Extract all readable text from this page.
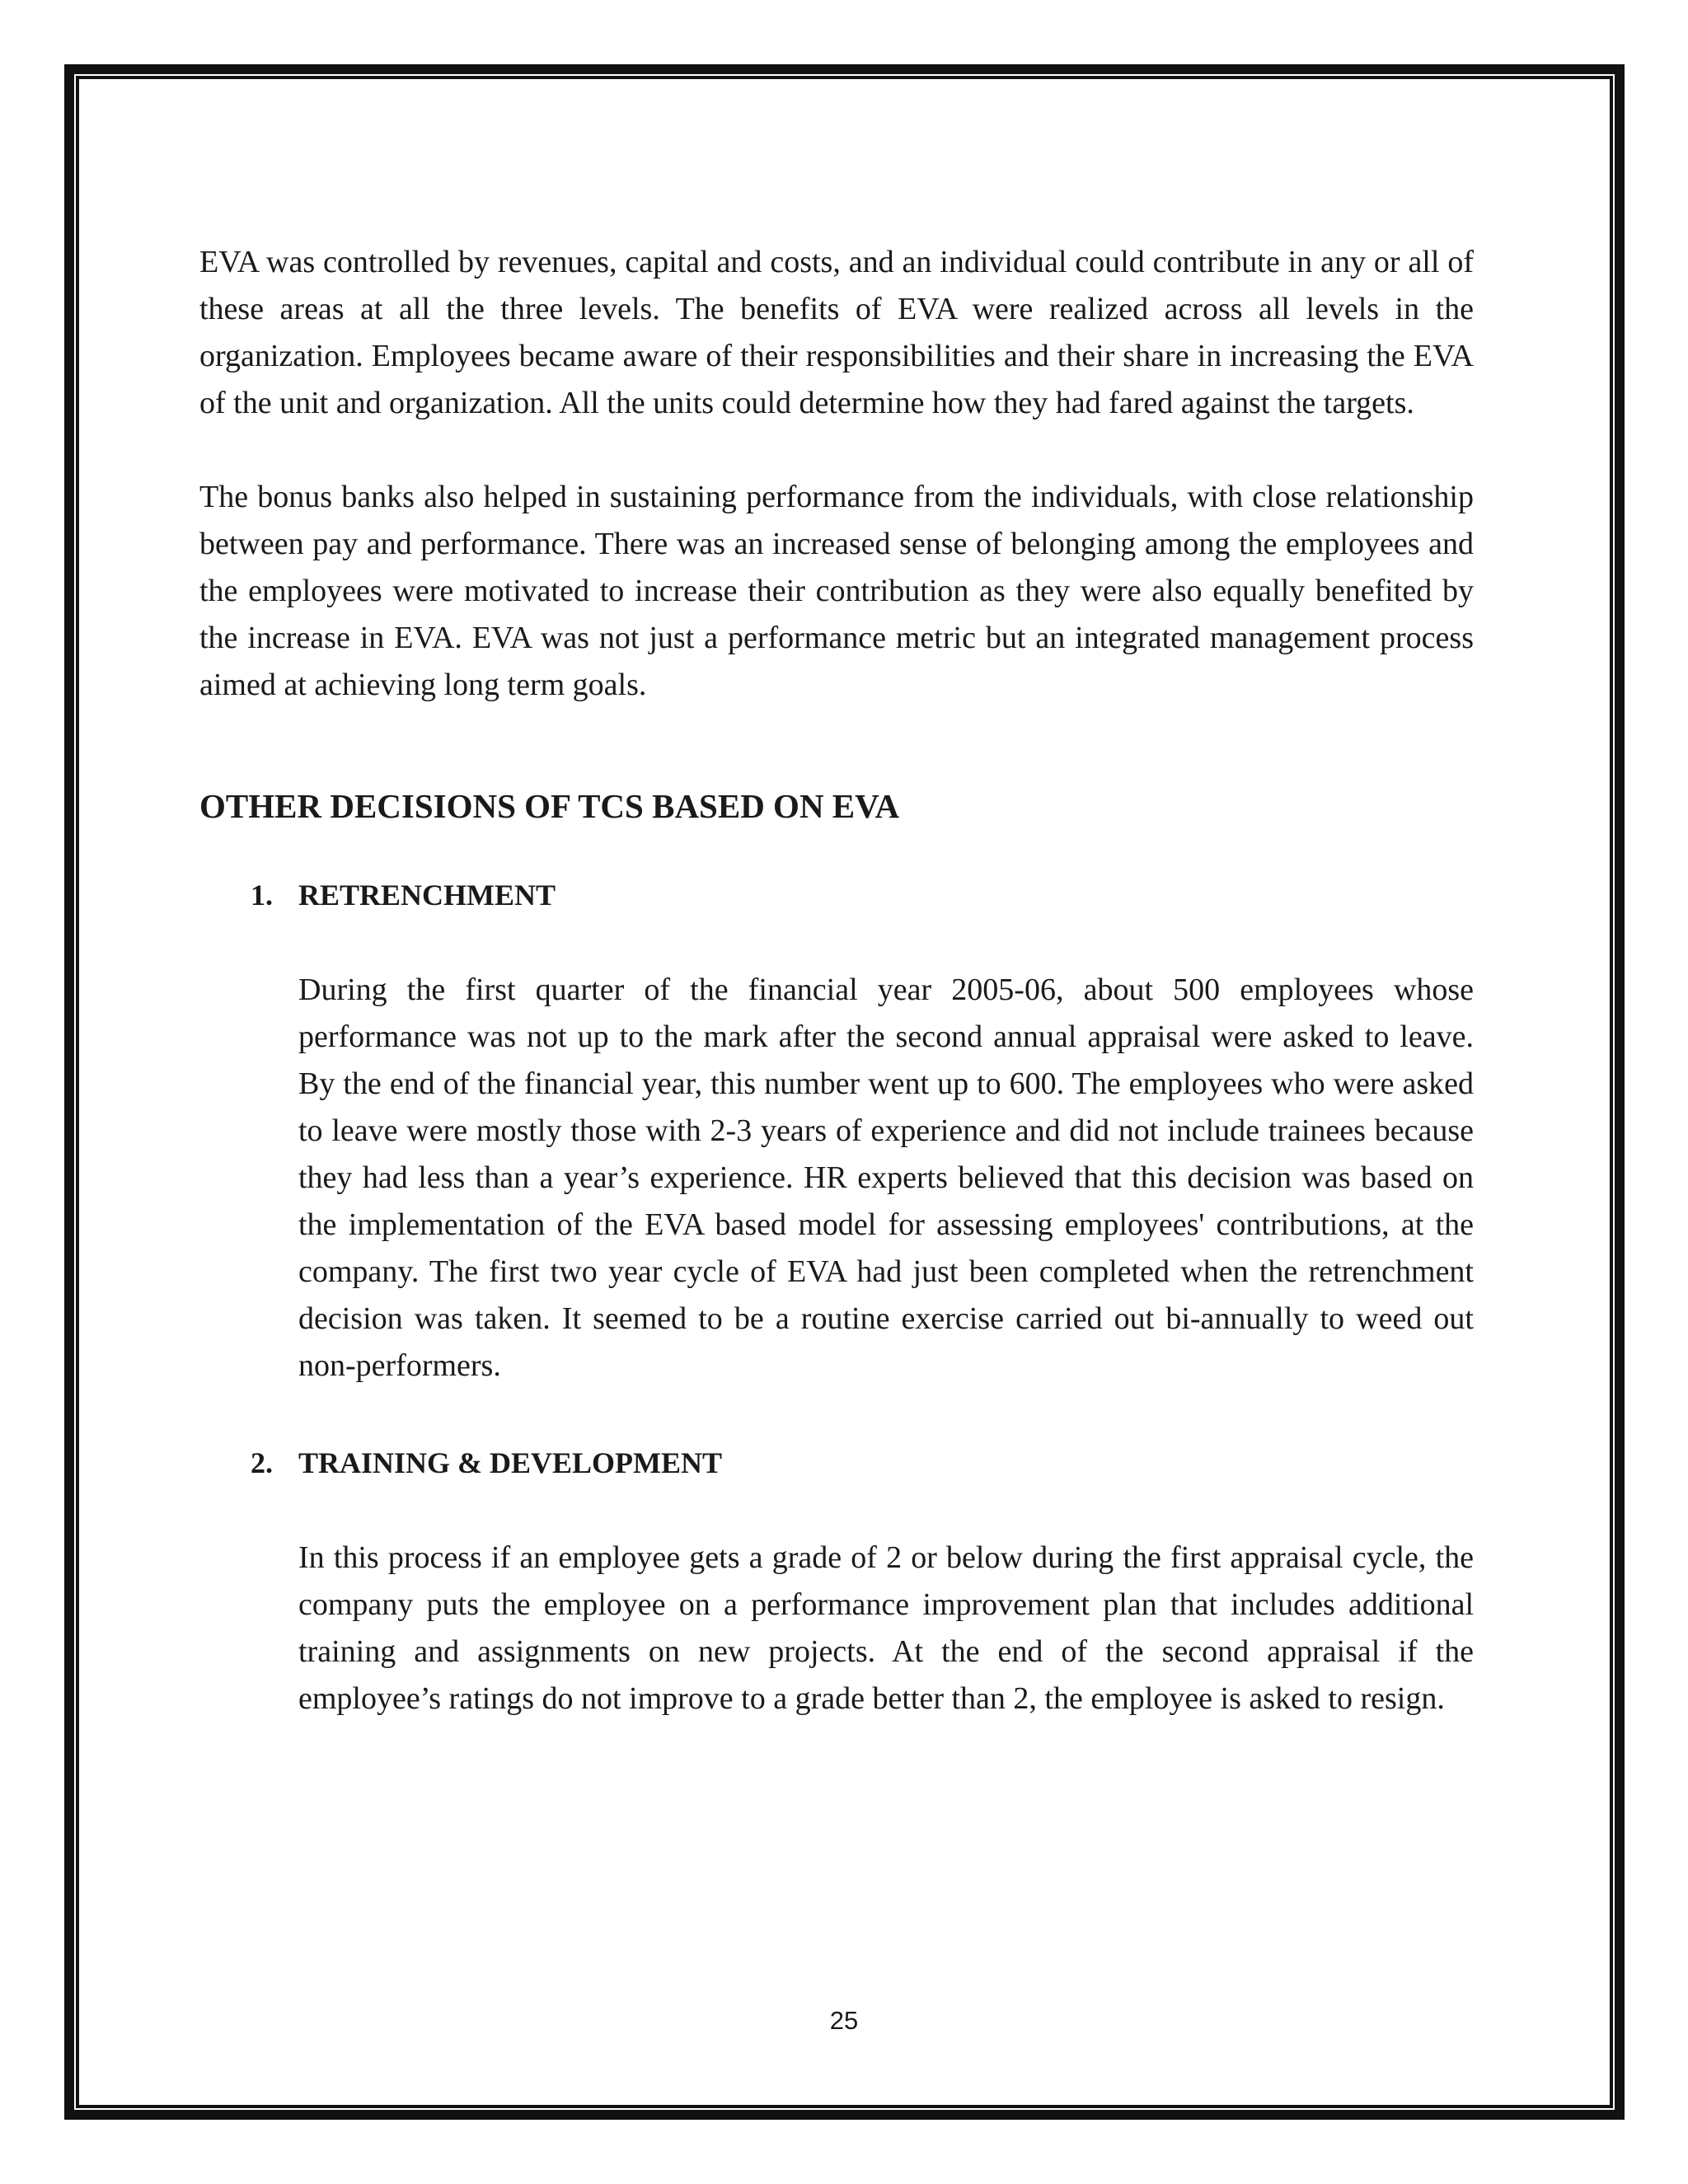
EVA was controlled by revenues, capital and costs, and an individual could contribute in any or all of these areas at all the three levels. The benefits of EVA were realized across all levels in the organization. Employees became aware of their responsibilities and their share in increasing the EVA of the unit and organization. All the units could determine how they had fared against the targets.

The bonus banks also helped in sustaining performance from the individuals, with close relationship between pay and performance. There was an increased sense of belonging among the employees and the employees were motivated to increase their contribution as they were also equally benefited by the increase in EVA. EVA was not just a performance metric but an integrated management process aimed at achieving long term goals.

OTHER DECISIONS OF TCS BASED ON EVA
1. RETRENCHMENT

During the first quarter of the financial year 2005-06, about 500 employees whose performance was not up to the mark after the second annual appraisal were asked to leave. By the end of the financial year, this number went up to 600. The employees who were asked to leave were mostly those with 2-3 years of experience and did not include trainees because they had less than a year’s experience. HR experts believed that this decision was based on the implementation of the EVA based model for assessing employees' contributions, at the company. The first two year cycle of EVA had just been completed when the retrenchment decision was taken. It seemed to be a routine exercise carried out bi-annually to weed out non-performers.

2. TRAINING & DEVELOPMENT

In this process if an employee gets a grade of 2 or below during the first appraisal cycle, the company puts the employee on a performance improvement plan that includes additional training and assignments on new projects. At the end of the second appraisal if the employee’s ratings do not improve to a grade better than 2, the employee is asked to resign.

25
